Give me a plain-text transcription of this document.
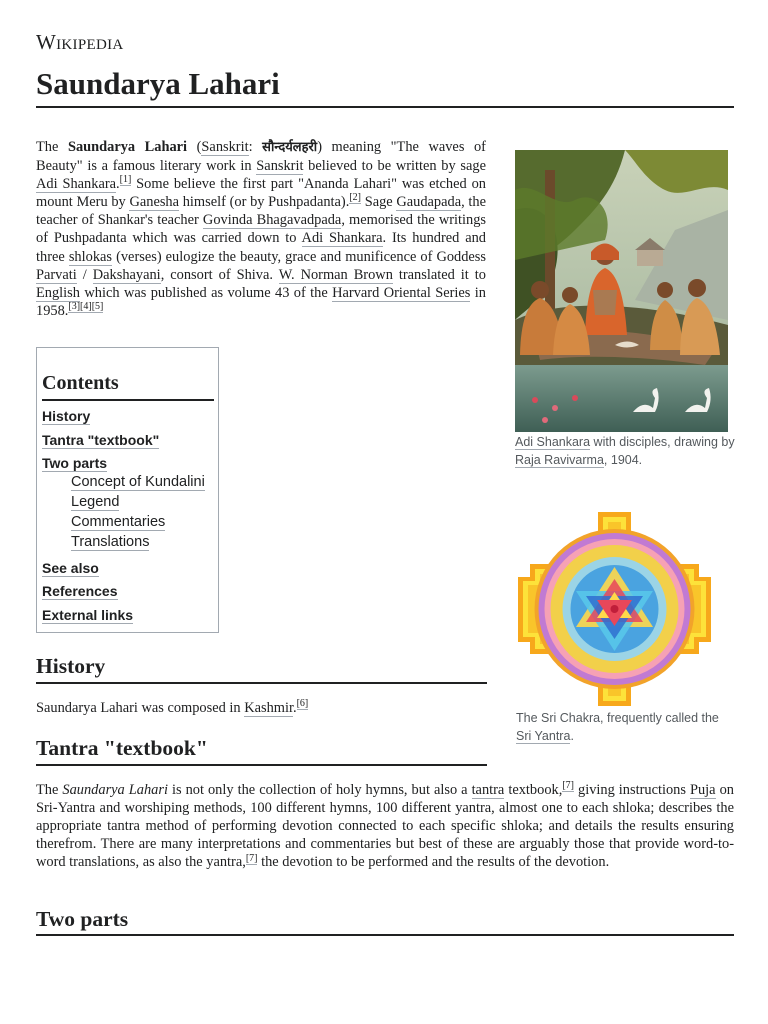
Wikipedia
Saundarya Lahari

The Saundarya Lahari (Sanskrit: सौन्दर्यलहरी) meaning "The waves of Beauty" is a famous literary work in Sanskrit believed to be written by sage Adi Shankara.[1] Some believe the first part "Ananda Lahari" was etched on mount Meru by Ganesha himself (or by Pushpadanta).[2] Sage Gaudapada, the teacher of Shankar's teacher Govinda Bhagavadpada, memorised the writings of Pushpadanta which was carried down to Adi Shankara. Its hundred and three shlokas (verses) eulogize the beauty, grace and munificence of Goddess Parvati / Dakshayani, consort of Shiva. W. Norman Brown translated it to English which was published as volume 43 of the Harvard Oriental Series in 1958.[3][4][5]

Contents
History
Tantra "textbook"
Two parts
Concept of Kundalini
Legend
Commentaries
Translations
See also
References
External links
History

Saundarya Lahari was composed in Kashmir.[6]

Tantra "textbook"

The Saundarya Lahari is not only the collection of holy hymns, but also a tantra textbook,[7] giving instructions Puja on Sri-Yantra and worshiping methods, 100 different hymns, 100 different yantra, almost one to each shloka; describes the appropriate tantra method of performing devotion connected to each specific shloka; and details the results ensuring therefrom. There are many interpretations and commentaries but best of these are arguably those that provide word-to-word translations, as also the yantra,[7] the devotion to be performed and the results of the devotion.

Two parts
Adi Shankara with disciples, drawing by Raja Ravivarma, 1904.
The Sri Chakra, frequently called the Sri Yantra.
